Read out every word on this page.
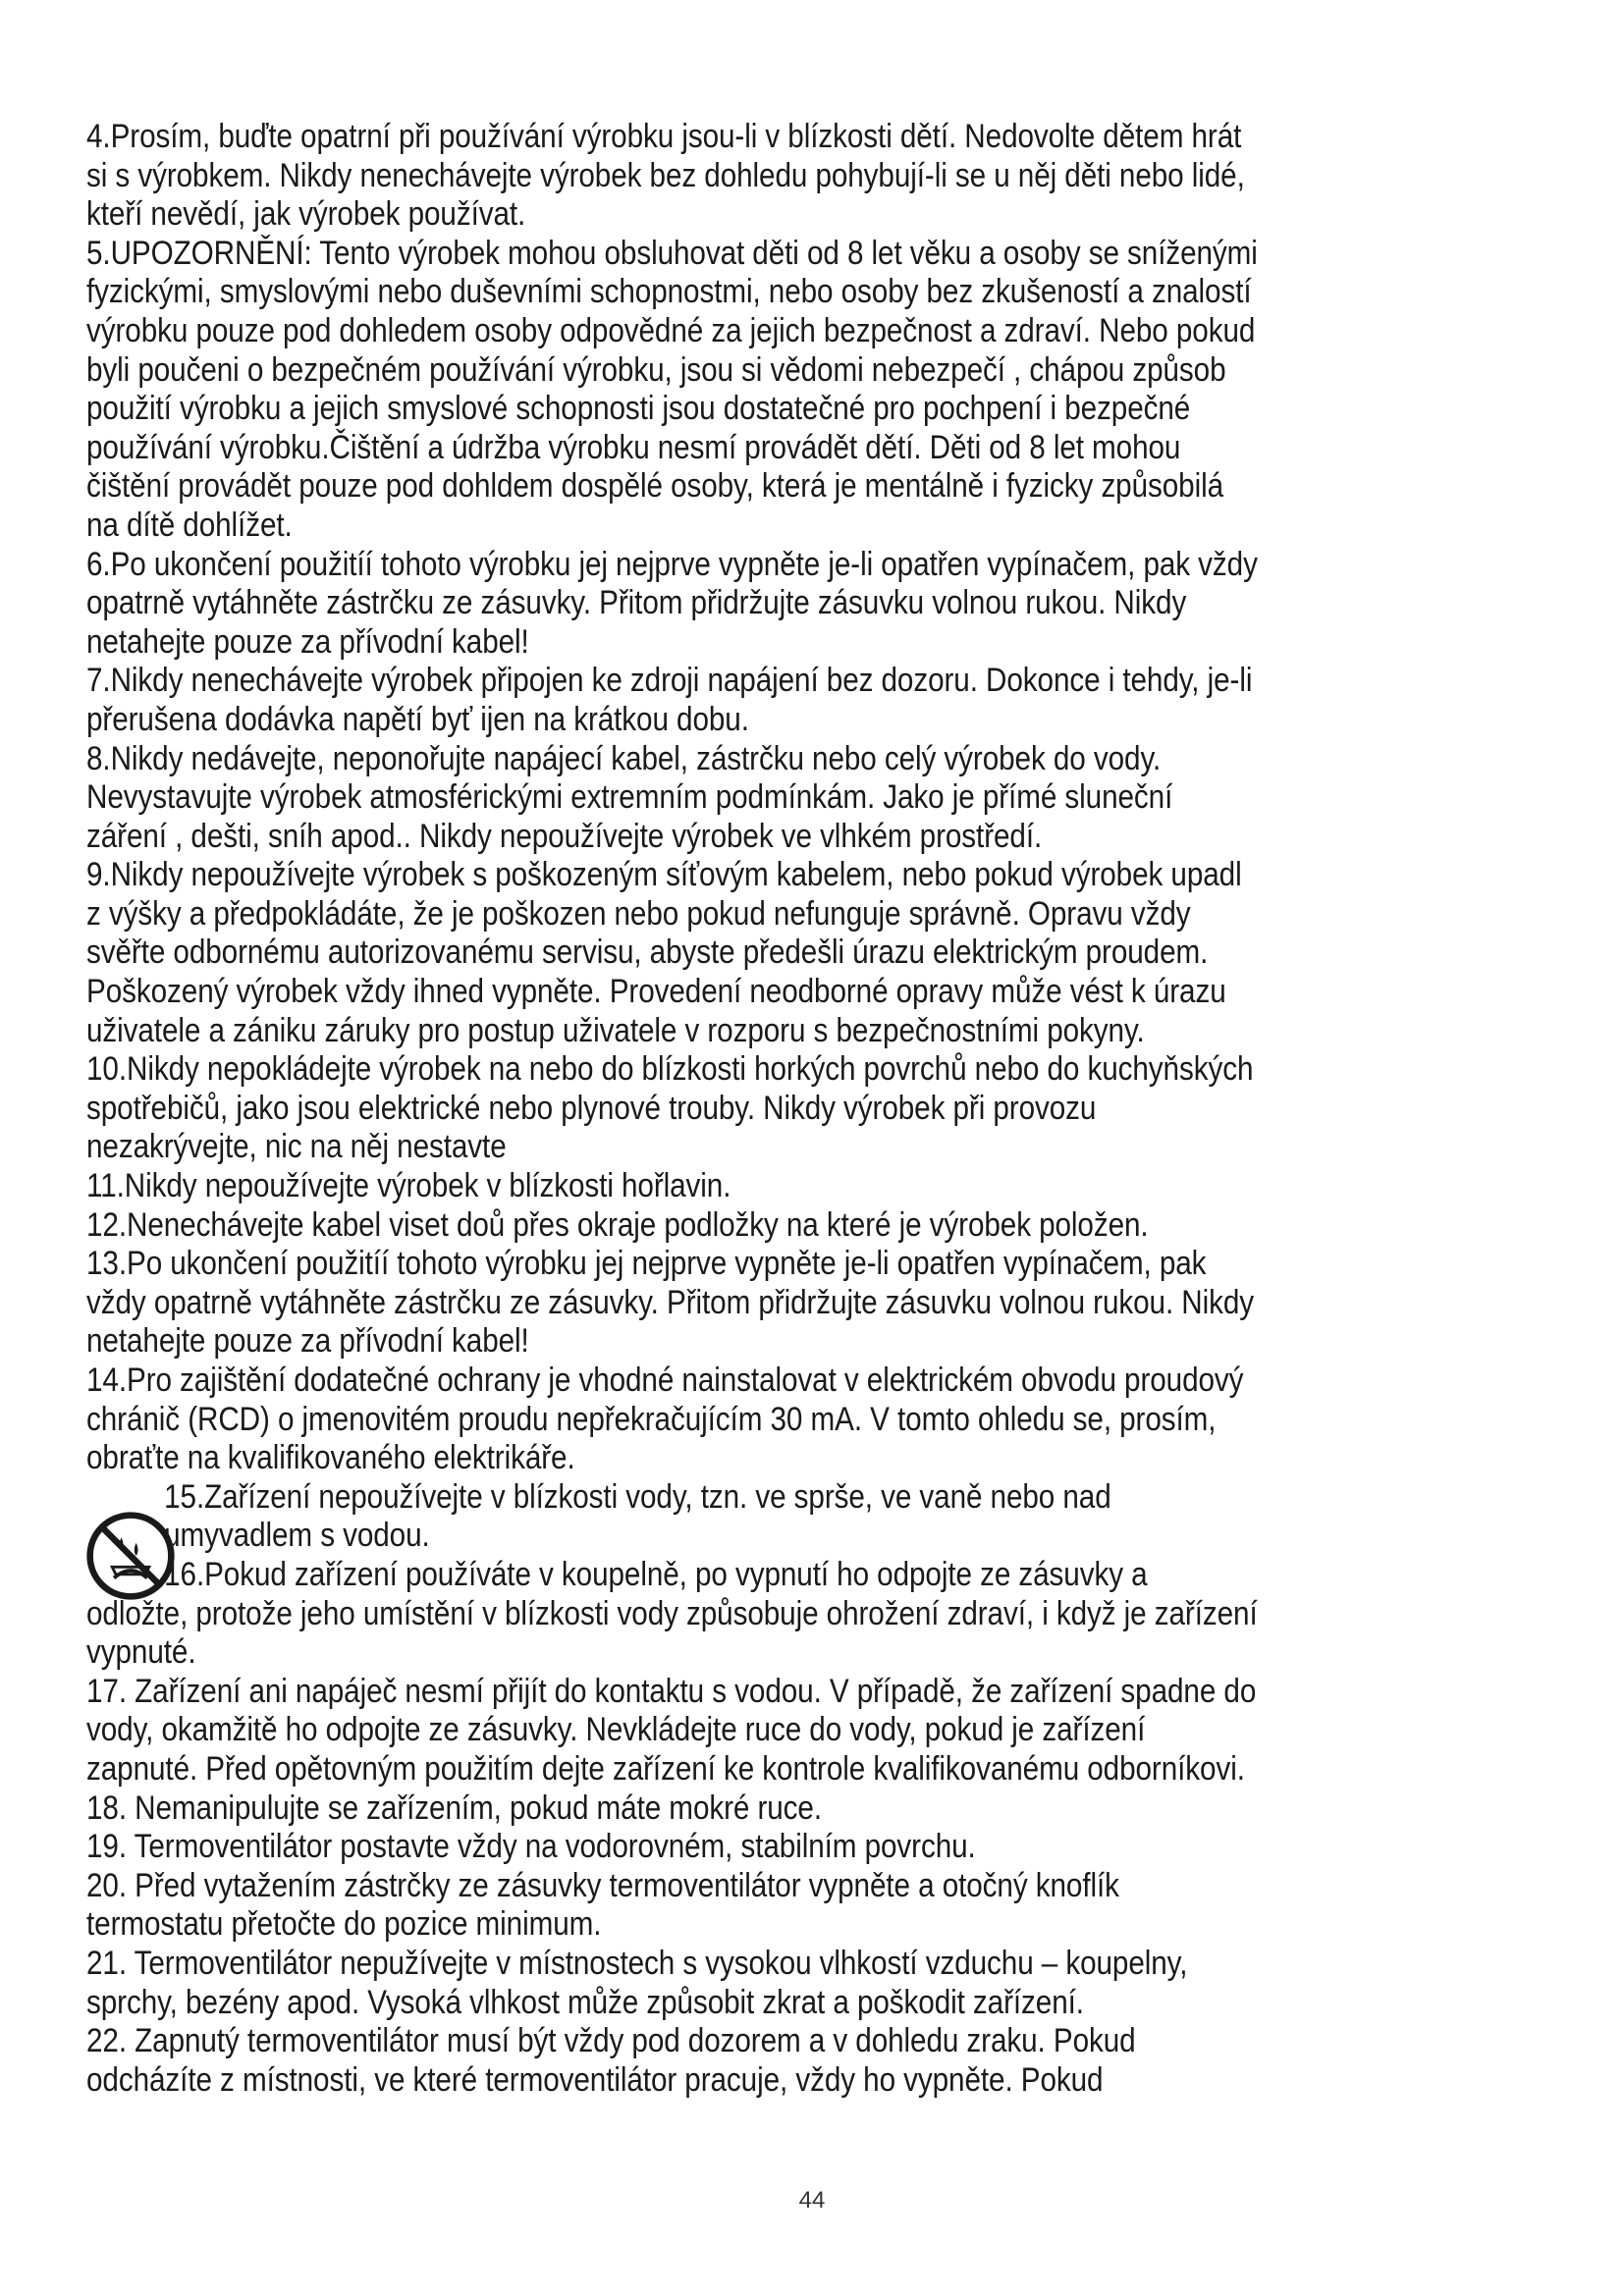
4.Prosím, buďte opatrní při používání výrobku jsou-li v blízkosti dětí. Nedovolte dětem hrát
si s výrobkem. Nikdy nenechávejte výrobek bez dohledu pohybují-li se u něj děti nebo lidé,
kteří nevědí, jak výrobek používat.
5.UPOZORNĚNÍ: Tento výrobek mohou obsluhovat děti od 8 let věku a osoby se sníženými
fyzickými, smyslovými nebo duševními schopnostmi, nebo osoby bez zkušeností a znalostí
výrobku pouze pod dohledem osoby odpovědné za jejich bezpečnost a zdraví. Nebo pokud
byli poučeni o bezpečném používání výrobku, jsou si vědomi nebezpečí , chápou způsob
použití výrobku a jejich smyslové schopnosti jsou dostatečné pro pochpení i bezpečné
používání výrobku.Čištění a údržba výrobku nesmí provádět dětí. Děti od 8 let mohou
čištění provádět pouze pod dohldem dospělé osoby, která je mentálně i fyzicky způsobilá
na dítě dohlížet.
6.Po ukončení použitíí tohoto výrobku jej nejprve vypněte je-li opatřen vypínačem, pak vždy
opatrně vytáhněte zástrčku ze zásuvky. Přitom přidržujte zásuvku volnou rukou. Nikdy
netahejte pouze za přívodní kabel!
7.Nikdy nenechávejte výrobek připojen ke zdroji napájení bez dozoru. Dokonce i tehdy, je-li
přerušena dodávka napětí byť ijen na krátkou dobu.
8.Nikdy nedávejte, neponořujte napájecí kabel, zástrčku nebo celý výrobek do vody.
Nevystavujte výrobek atmosférickými extremním podmínkám. Jako je přímé sluneční
záření , dešti, sníh apod.. Nikdy nepoužívejte výrobek ve vlhkém prostředí.
9.Nikdy nepoužívejte výrobek s poškozeným síťovým kabelem, nebo pokud výrobek upadl
z výšky a předpokládáte, že je poškozen nebo pokud nefunguje správně. Opravu vždy
svěřte odbornému autorizovanému servisu, abyste předešli úrazu elektrickým proudem.
Poškozený výrobek vždy ihned vypněte. Provedení neodborné opravy může vést k úrazu
uživatele a zániku záruky pro postup uživatele v rozporu s bezpečnostními pokyny.
10.Nikdy nepokládejte výrobek na nebo do blízkosti horkých povrchů nebo do kuchyňských
spotřebičů, jako jsou elektrické nebo plynové trouby. Nikdy výrobek při provozu
nezakrývejte, nic na něj nestavte
11.Nikdy nepoužívejte výrobek v blízkosti hořlavin.
12.Nenechávejte kabel viset doů přes okraje podložky na které je výrobek položen.
13.Po ukončení použitíí tohoto výrobku jej nejprve vypněte je-li opatřen vypínačem, pak
vždy opatrně vytáhněte zástrčku ze zásuvky. Přitom přidržujte zásuvku volnou rukou. Nikdy
netahejte pouze za přívodní kabel!
14.Pro zajištění dodatečné ochrany je vhodné nainstalovat v elektrickém obvodu proudový
chránič (RCD) o jmenovitém proudu nepřekračujícím 30 mA. V tomto ohledu se, prosím,
obraťte na kvalifikovaného elektrikáře.
15.Zařízení nepoužívejte v blízkosti vody, tzn. ve sprše, ve vaně nebo nad
umyvadlem s vodou.
16.Pokud zařízení používáte v koupelně, po vypnutí ho odpojte ze zásuvky a
odložte, protože jeho umístění v blízkosti vody způsobuje ohrožení zdraví, i když je zařízení
vypnuté.
17. Zařízení ani napáječ nesmí přijít do kontaktu s vodou. V případě, že zařízení spadne do
vody, okamžitě ho odpojte ze zásuvky. Nevkládejte ruce do vody, pokud je zařízení
zapnuté. Před opětovným použitím dejte zařízení ke kontrole kvalifikovanému odborníkovi.
18. Nemanipulujte se zařízením, pokud máte mokré ruce.
19. Termoventilátor postavte vždy na vodorovném, stabilním povrchu.
20. Před vytažením zástrčky ze zásuvky termoventilátor vypněte a otočný knoflík
termostatu přetočte do pozice minimum.
21. Termoventilátor nepužívejte v místnostech s vysokou vlhkostí vzduchu – koupelny,
sprchy, bezény apod. Vysoká vlhkost může způsobit zkrat a poškodit zařízení.
22. Zapnutý termoventilátor musí být vždy pod dozorem a v dohledu zraku. Pokud
odcházíte z místnosti, ve které termoventilátor pracuje, vždy ho vypněte. Pokud
44
